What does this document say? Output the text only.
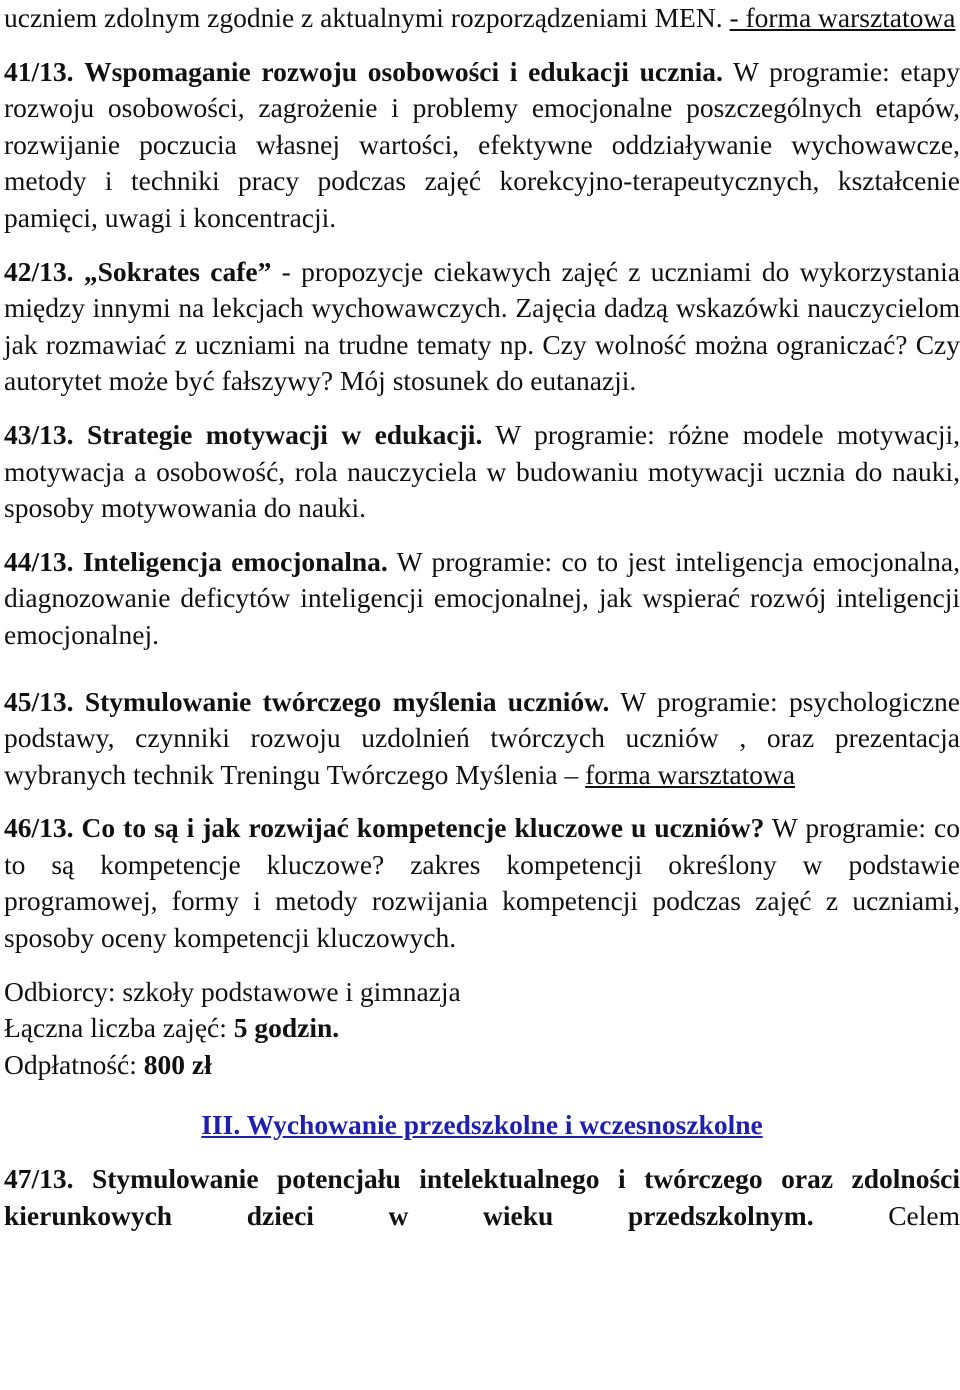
uczniem zdolnym zgodnie z aktualnymi rozporządzeniami MEN. - forma warsztatowa

41/13. Wspomaganie rozwoju osobowości i edukacji ucznia. W programie: etapy rozwoju osobowości, zagrożenie i problemy emocjonalne poszczególnych etapów, rozwijanie poczucia własnej wartości, efektywne oddziaływanie wychowawcze, metody i techniki pracy podczas zajęć korekcyjno-terapeutycznych, kształcenie pamięci, uwagi i koncentracji.

42/13. „Sokrates cafe” - propozycje ciekawych zajęć z uczniami do wykorzystania między innymi na lekcjach wychowawczych. Zajęcia dadzą wskazówki nauczycielom jak rozmawiać z uczniami na trudne tematy np. Czy wolność można ograniczać? Czy autorytet może być fałszywy? Mój stosunek do eutanazji.

43/13. Strategie motywacji w edukacji. W programie: różne modele motywacji, motywacja a osobowość, rola nauczyciela w budowaniu motywacji ucznia do nauki, sposoby motywowania do nauki.

44/13. Inteligencja emocjonalna. W programie: co to jest inteligencja emocjonalna, diagnozowanie deficytów inteligencji emocjonalnej, jak wspierać rozwój inteligencji emocjonalnej.

45/13. Stymulowanie twórczego myślenia uczniów. W programie: psychologiczne podstawy, czynniki rozwoju uzdolnień twórczych uczniów , oraz prezentacja wybranych technik Treningu Twórczego Myślenia – forma warsztatowa

46/13. Co to są i jak rozwijać kompetencje kluczowe u uczniów? W programie: co to są kompetencje kluczowe? zakres kompetencji określony w podstawie programowej, formy i metody rozwijania kompetencji podczas zajęć z uczniami, sposoby oceny kompetencji kluczowych.

Odbiorcy: szkoły podstawowe i gimnazja

Łączna liczba zajęć: 5 godzin.

Odpłatność: 800 zł

III. Wychowanie przedszkolne i wczesnoszkolne

47/13. Stymulowanie potencjału intelektualnego i twórczego oraz zdolności kierunkowych dzieci w wieku przedszkolnym. Celem
